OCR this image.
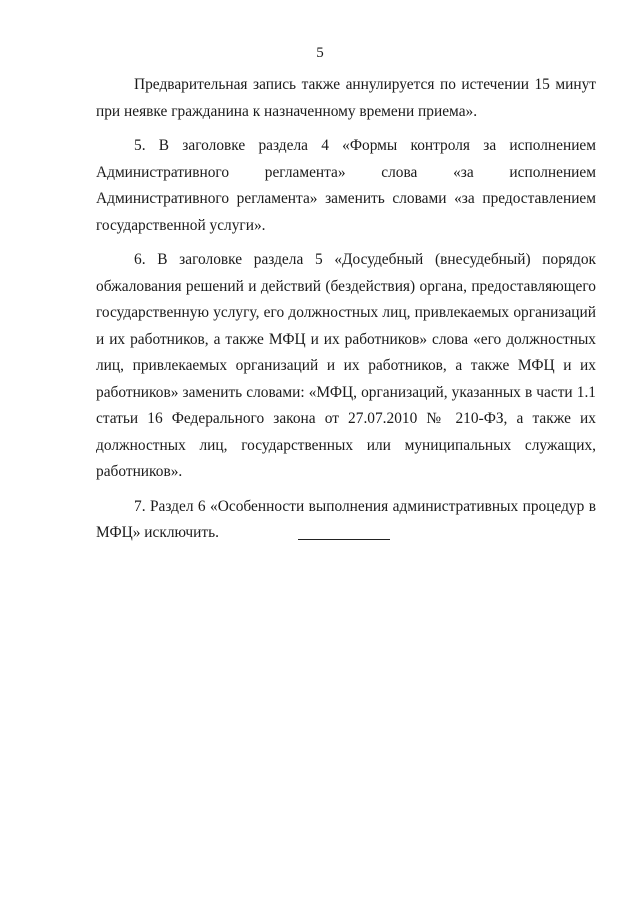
5

Предварительная запись также аннулируется по истечении 15 минут при неявке гражданина к назначенному времени приема».

5. В заголовке раздела 4 «Формы контроля за исполнением Административного регламента» слова «за исполнением Административного регламента» заменить словами «за предоставлением государственной услуги».

6. В заголовке раздела 5 «Досудебный (внесудебный) порядок обжалования решений и действий (бездействия) органа, предоставляющего государственную услугу, его должностных лиц, привлекаемых организаций и их работников, а также МФЦ и их работников» слова «его должностных лиц, привлекаемых организаций и их работников, а также МФЦ и их работников» заменить словами: «МФЦ, организаций, указанных в части 1.1 статьи 16 Федерального закона от 27.07.2010 № 210-ФЗ, а также их должностных лиц, государственных или муниципальных служащих, работников».

7. Раздел 6 «Особенности выполнения административных процедур в МФЦ» исключить.
